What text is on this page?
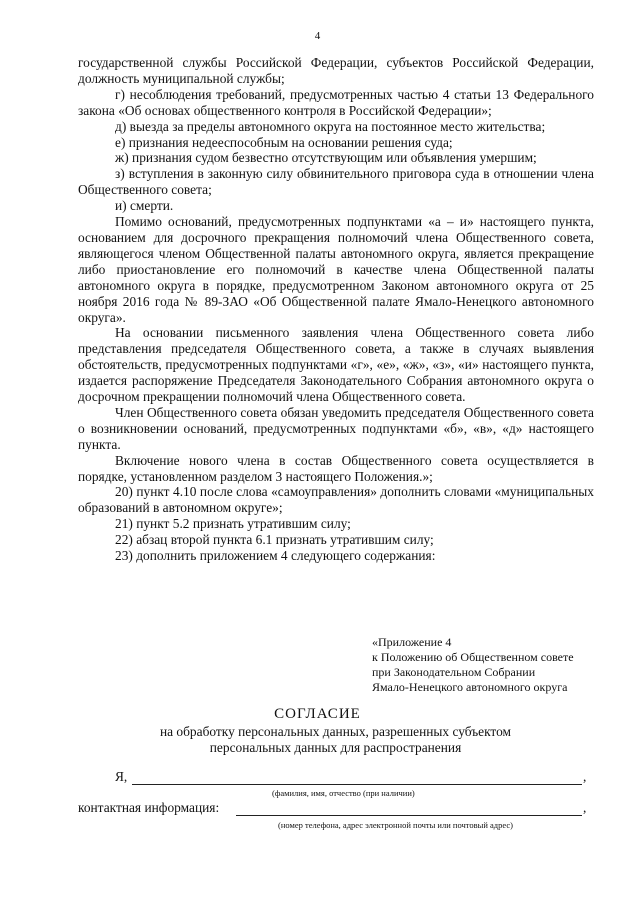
4

государственной службы Российской Федерации, субъектов Российской Федерации, должность муниципальной службы;

г) несоблюдения требований, предусмотренных частью 4 статьи 13 Федерального закона «Об основах общественного контроля в Российской Федерации»;

д) выезда за пределы автономного округа на постоянное место жительства;

е) признания недееспособным на основании решения суда;

ж) признания судом безвестно отсутствующим или объявления умершим;

з) вступления в законную силу обвинительного приговора суда в отношении члена Общественного совета;

и) смерти.

Помимо оснований, предусмотренных подпунктами «а – и» настоящего пункта, основанием для досрочного прекращения полномочий члена Общественного совета, являющегося членом Общественной палаты автономного округа, является прекращение либо приостановление его полномочий в качестве члена Общественной палаты автономного округа в порядке, предусмотренном Законом автономного округа от 25 ноября 2016 года № 89-ЗАО «Об Общественной палате Ямало-Ненецкого автономного округа».

На основании письменного заявления члена Общественного совета либо представления председателя Общественного совета, а также в случаях выявления обстоятельств, предусмотренных подпунктами «г», «е», «ж», «з», «и» настоящего пункта, издается распоряжение Председателя Законодательного Собрания автономного округа о досрочном прекращении полномочий члена Общественного совета.

Член Общественного совета обязан уведомить председателя Общественного совета о возникновении оснований, предусмотренных подпунктами «б», «в», «д» настоящего пункта.

Включение нового члена в состав Общественного совета осуществляется в порядке, установленном разделом 3 настоящего Положения.»;

20) пункт 4.10 после слова «самоуправления» дополнить словами «муниципальных образований в автономном округе»;

21) пункт 5.2 признать утратившим силу;

22) абзац второй пункта 6.1 признать утратившим силу;

23) дополнить приложением 4 следующего содержания:

«Приложение 4
к Положению об Общественном совете
при Законодательном Собрании
Ямало-Ненецкого автономного округа
СОГЛАСИЕ
на обработку персональных данных, разрешенных субъектом
персональных данных для распространения
Я,	,
(фамилия, имя, отчество (при наличии)
контактная информация:	,
(номер телефона, адрес электронной почты или почтовый адрес)
